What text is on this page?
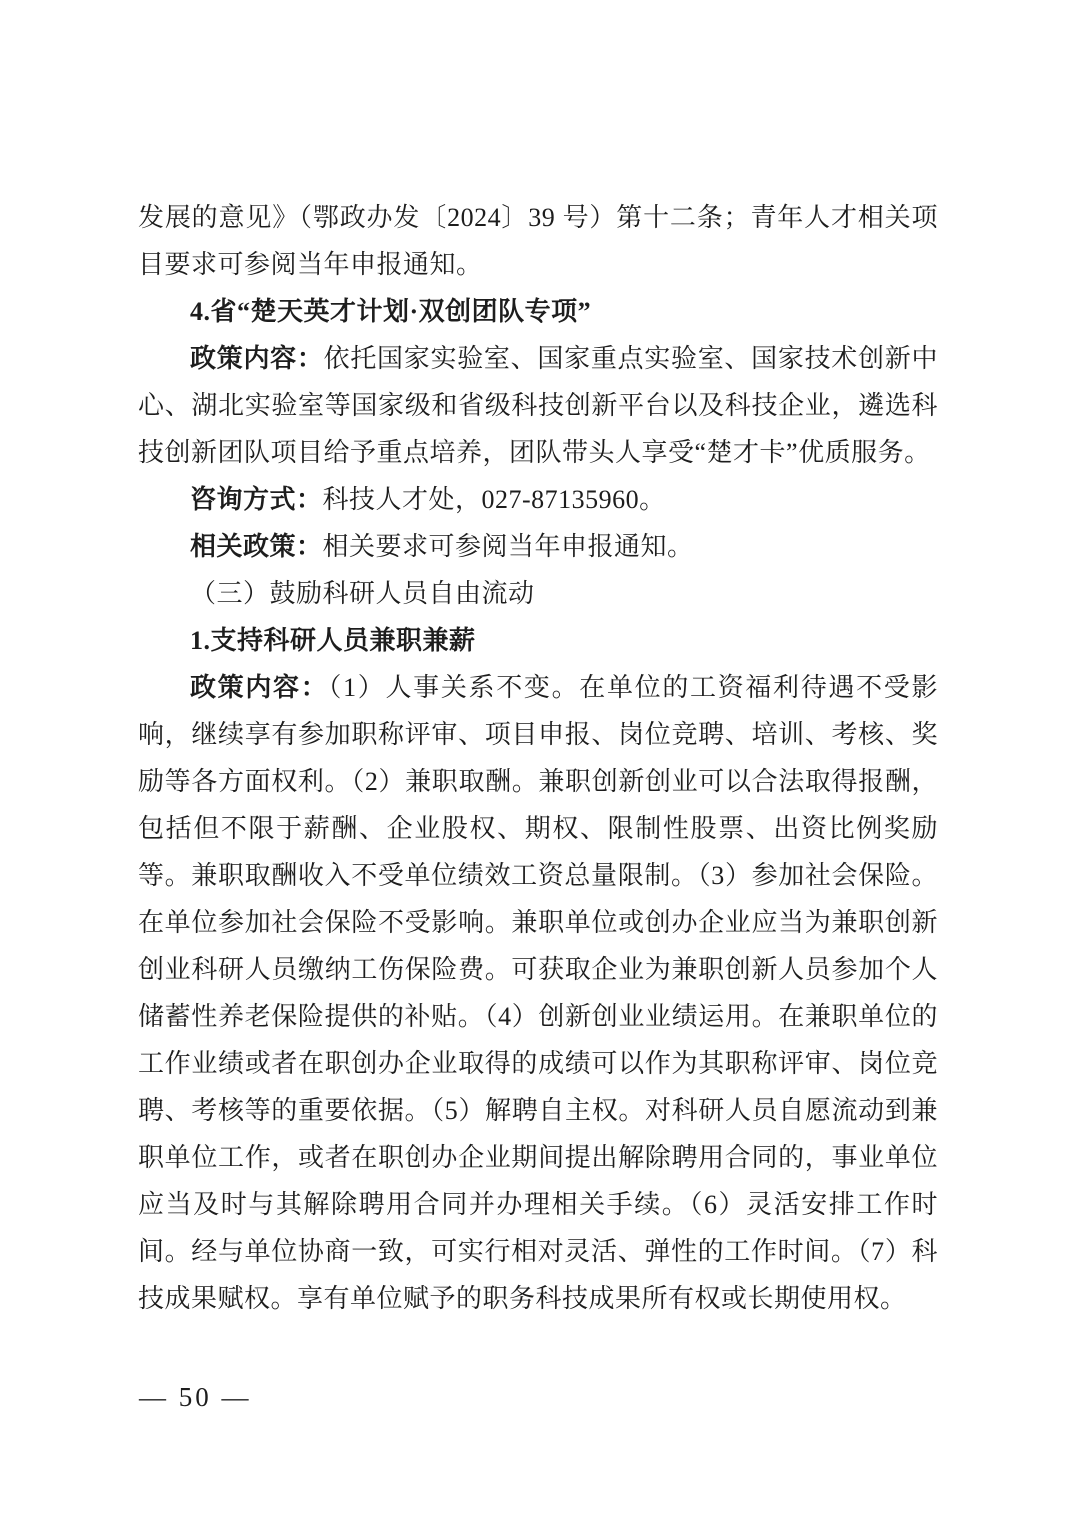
发展的意见》（鄂政办发〔2024〕39 号）第十二条；青年人才相关项目要求可参阅当年申报通知。

4.省“楚天英才计划·双创团队专项”

政策内容：依托国家实验室、国家重点实验室、国家技术创新中心、湖北实验室等国家级和省级科技创新平台以及科技企业，遴选科技创新团队项目给予重点培养，团队带头人享受“楚才卡”优质服务。

咨询方式：科技人才处，027-87135960。

相关政策：相关要求可参阅当年申报通知。

（三）鼓励科研人员自由流动

1.支持科研人员兼职兼薪

政策内容：（1）人事关系不变。在单位的工资福利待遇不受影响，继续享有参加职称评审、项目申报、岗位竞聘、培训、考核、奖励等各方面权利。（2）兼职取酬。兼职创新创业可以合法取得报酬，包括但不限于薪酬、企业股权、期权、限制性股票、出资比例奖励等。兼职取酬收入不受单位绩效工资总量限制。（3）参加社会保险。在单位参加社会保险不受影响。兼职单位或创办企业应当为兼职创新创业科研人员缴纳工伤保险费。可获取企业为兼职创新人员参加个人储蓄性养老保险提供的补贴。（4）创新创业业绩运用。在兼职单位的工作业绩或者在职创办企业取得的成绩可以作为其职称评审、岗位竞聘、考核等的重要依据。（5）解聘自主权。对科研人员自愿流动到兼职单位工作，或者在职创办企业期间提出解除聘用合同的，事业单位应当及时与其解除聘用合同并办理相关手续。（6）灵活安排工作时间。经与单位协商一致，可实行相对灵活、弹性的工作时间。（7）科技成果赋权。享有单位赋予的职务科技成果所有权或长期使用权。

— 50 —
